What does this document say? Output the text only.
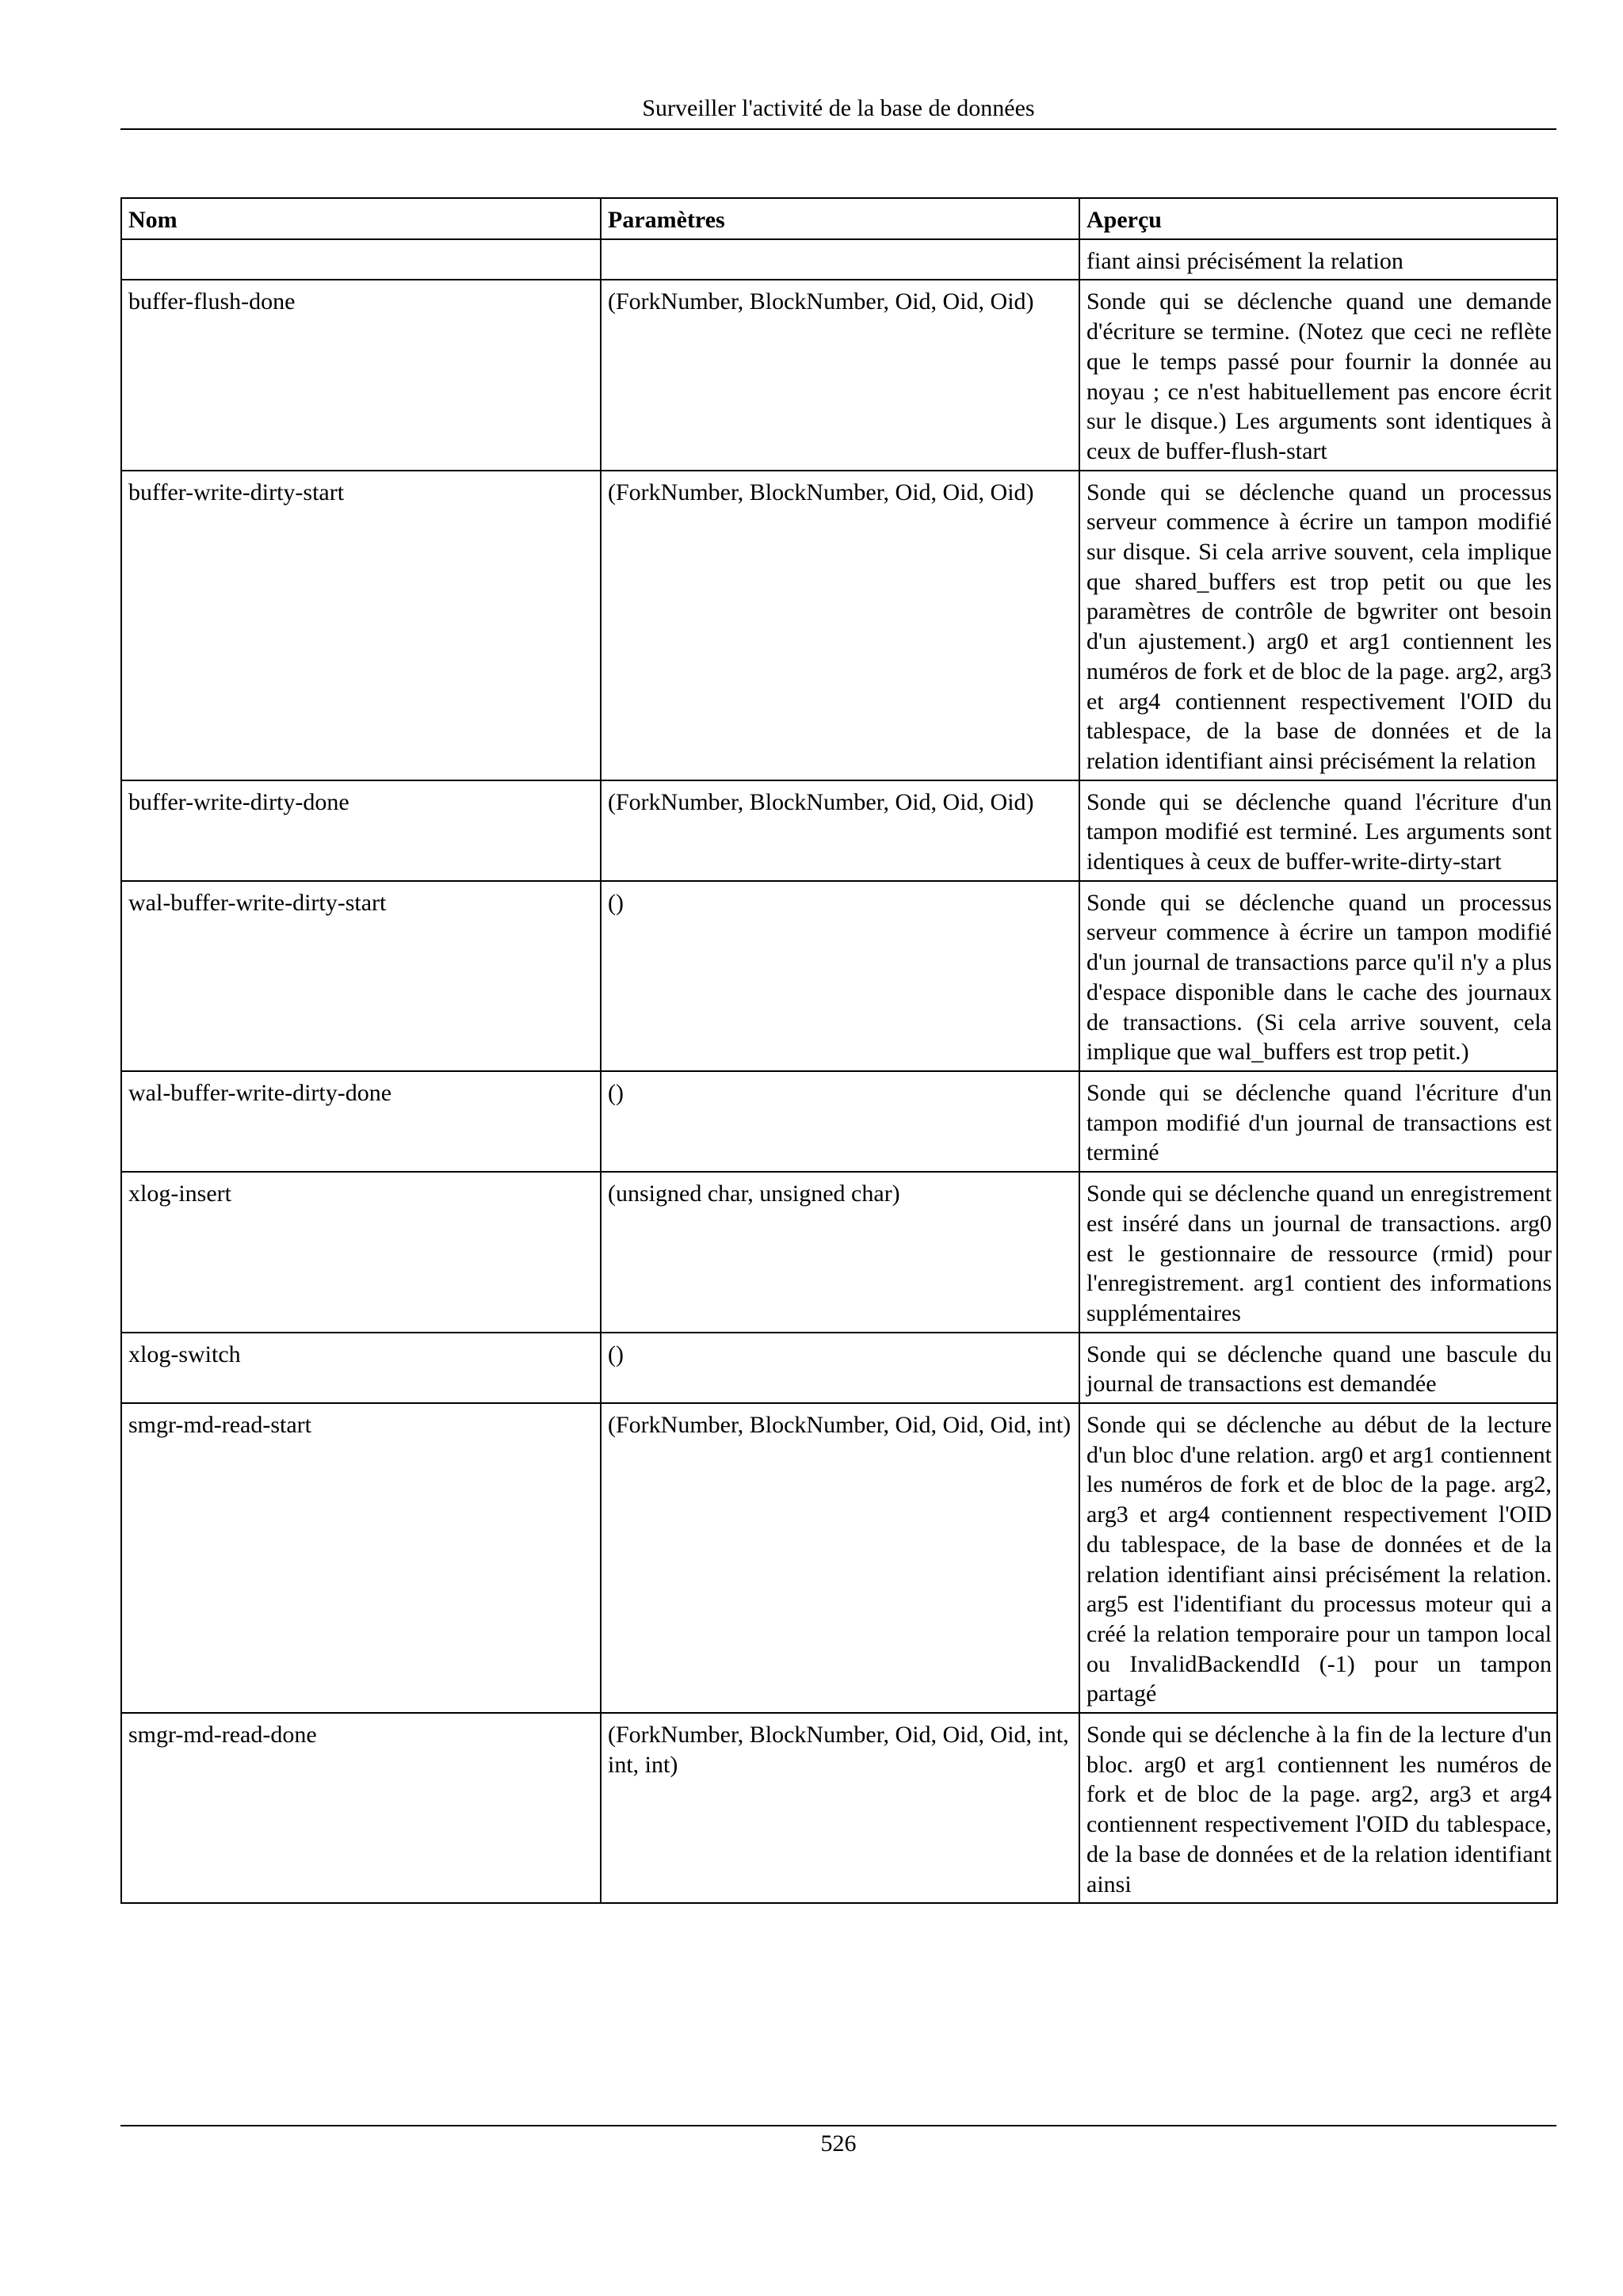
Surveiller l'activité de la base de données
Nom	Paramètres	Aperçu
		fiant ainsi précisément la relation
buffer-flush-done	(ForkNumber, BlockNumber, Oid, Oid, Oid)	Sonde qui se déclenche quand une demande d'écriture se termine. (Notez que ceci ne reflète que le temps passé pour fournir la donnée au noyau ; ce n'est habituellement pas encore écrit sur le disque.) Les arguments sont identiques à ceux de buffer-flush-start
buffer-write-dirty-start	(ForkNumber, BlockNumber, Oid, Oid, Oid)	Sonde qui se déclenche quand un processus serveur commence à écrire un tampon modifié sur disque. Si cela arrive souvent, cela implique que shared_buffers est trop petit ou que les paramètres de contrôle de bgwriter ont besoin d'un ajustement.) arg0 et arg1 contiennent les numéros de fork et de bloc de la page. arg2, arg3 et arg4 contiennent respectivement l'OID du tablespace, de la base de données et de la relation identifiant ainsi précisément la relation
buffer-write-dirty-done	(ForkNumber, BlockNumber, Oid, Oid, Oid)	Sonde qui se déclenche quand l'écriture d'un tampon modifié est terminé. Les arguments sont identiques à ceux de buffer-write-dirty-start
wal-buffer-write-dirty-start	()	Sonde qui se déclenche quand un processus serveur commence à écrire un tampon modifié d'un journal de transactions parce qu'il n'y a plus d'espace disponible dans le cache des journaux de transactions. (Si cela arrive souvent, cela implique que wal_buffers est trop petit.)
wal-buffer-write-dirty-done	()	Sonde qui se déclenche quand l'écriture d'un tampon modifié d'un journal de transactions est terminé
xlog-insert	(unsigned char, unsigned char)	Sonde qui se déclenche quand un enregistrement est inséré dans un journal de transactions. arg0 est le gestionnaire de ressource (rmid) pour l'enregistrement. arg1 contient des informations supplémentaires
xlog-switch	()	Sonde qui se déclenche quand une bascule du journal de transactions est demandée
smgr-md-read-start	(ForkNumber, BlockNumber, Oid, Oid, Oid, int)	Sonde qui se déclenche au début de la lecture d'un bloc d'une relation. arg0 et arg1 contiennent les numéros de fork et de bloc de la page. arg2, arg3 et arg4 contiennent respectivement l'OID du tablespace, de la base de données et de la relation identifiant ainsi précisément la relation. arg5 est l'identifiant du processus moteur qui a créé la relation temporaire pour un tampon local ou InvalidBackendId (-1) pour un tampon partagé
smgr-md-read-done	(ForkNumber, BlockNumber, Oid, Oid, Oid, int, int, int)	Sonde qui se déclenche à la fin de la lecture d'un bloc. arg0 et arg1 contiennent les numéros de fork et de bloc de la page. arg2, arg3 et arg4 contiennent respectivement l'OID du tablespace, de la base de données et de la relation identifiant ainsi
526
